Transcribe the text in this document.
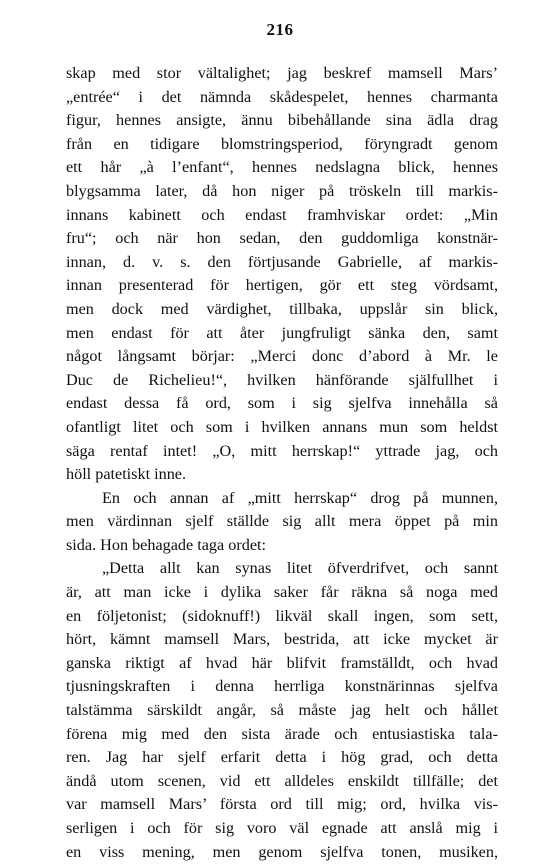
216
skap med stor vältalighet; jag beskref mamsell Mars’
„entrée“ i det nämnda skådespelet, hennes charmanta
figur, hennes ansigte, ännu bibehållande sina ädla drag
från en tidigare blomstringsperiod, föryngradt genom
ett hår „à l’enfant“, hennes nedslagna blick, hennes
blygsamma later, då hon niger på tröskeln till markis-
innans kabinett och endast framhviskar ordet: „Min
fru“; och när hon sedan, den guddomliga konstnär-
innan, d. v. s. den förtjusande Gabrielle, af markis-
innan presenterad för hertigen, gör ett steg vördsamt,
men dock med värdighet, tillbaka, uppslår sin blick,
men endast för att åter jungfruligt sänka den, samt
något långsamt börjar: „Merci donc d’abord à Mr. le
Duc de Richelieu!“, hvilken hänförande själfullhet i
endast dessa få ord, som i sig sjelfva innehålla så
ofantligt litet och som i hvilken annans mun som heldst
säga rentaf intet! „O, mitt herrskap!“ yttrade jag, och
höll patetiskt inne.
En och annan af „mitt herrskap“ drog på munnen,
men värdinnan sjelf ställde sig allt mera öppet på min
sida. Hon behagade taga ordet:
„Detta allt kan synas litet öfverdrifvet, och sannt
är, att man icke i dylika saker får räkna så noga med
en följetonist; (sidoknuff!) likväl skall ingen, som sett,
hört, kämnt mamsell Mars, bestrida, att icke mycket är
ganska riktigt af hvad här blifvit framställdt, och hvad
tjusningskraften i denna herrliga konstnärinnas sjelfva
talstämma särskildt angår, så måste jag helt och hållet
förena mig med den sista ärade och entusiastiska tala-
ren. Jag har sjelf erfarit detta i hög grad, och detta
ändå utom scenen, vid ett alldeles enskildt tillfälle; det
var mamsell Mars’ första ord till mig; ord, hvilka vis-
serligen i och för sig voro väl egnade att anslå mig i
en viss mening, men genom sjelfva tonen, musiken,
